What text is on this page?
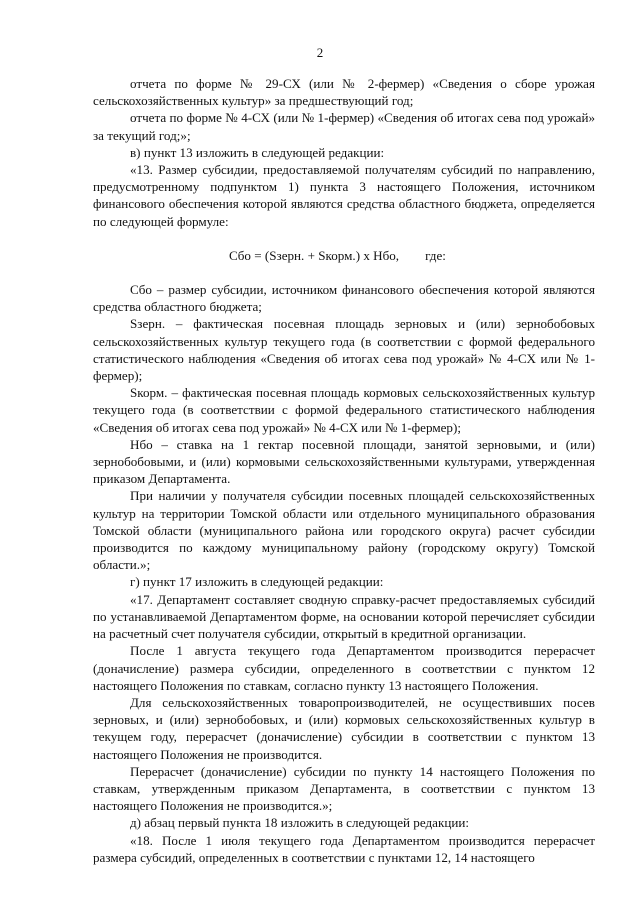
2

отчета по форме № 29-СХ (или № 2-фермер) «Сведения о сборе урожая сельскохозяйственных культур» за предшествующий год;

отчета по форме № 4-СХ (или № 1-фермер) «Сведения об итогах сева под урожай» за текущий год;»;

в) пункт 13 изложить в следующей редакции:

«13. Размер субсидии, предоставляемой получателям субсидий по направлению, предусмотренному подпунктом 1) пункта 3 настоящего Положения, источником финансового обеспечения которой являются средства областного бюджета, определяется по следующей формуле:

Cбо = (Sзерн. + Sкорм.) х Нбо, где:

Cбо – размер субсидии, источником финансового обеспечения которой являются средства областного бюджета;

Sзерн. – фактическая посевная площадь зерновых и (или) зернобобовых сельскохозяйственных культур текущего года (в соответствии с формой федерального статистического наблюдения «Сведения об итогах сева под урожай» № 4-СХ или № 1-фермер);

Sкорм. – фактическая посевная площадь кормовых сельскохозяйственных культур текущего года (в соответствии с формой федерального статистического наблюдения «Сведения об итогах сева под урожай» № 4-СХ или № 1-фермер);

Нбо – ставка на 1 гектар посевной площади, занятой зерновыми, и (или) зернобобовыми, и (или) кормовыми сельскохозяйственными культурами, утвержденная приказом Департамента.

При наличии у получателя субсидии посевных площадей сельскохозяйственных культур на территории Томской области или отдельного муниципального образования Томской области (муниципального района или городского округа) расчет субсидии производится по каждому муниципальному району (городскому округу) Томской области.»;

г) пункт 17 изложить в следующей редакции:

«17. Департамент составляет сводную справку-расчет предоставляемых субсидий по устанавливаемой Департаментом форме, на основании которой перечисляет субсидии на расчетный счет получателя субсидии, открытый в кредитной организации.

После 1 августа текущего года Департаментом производится перерасчет (доначисление) размера субсидии, определенного в соответствии с пунктом 12 настоящего Положения по ставкам, согласно пункту 13 настоящего Положения.

Для сельскохозяйственных товаропроизводителей, не осуществивших посев зерновых, и (или) зернобобовых, и (или) кормовых сельскохозяйственных культур в текущем году, перерасчет (доначисление) субсидии в соответствии с пунктом 13 настоящего Положения не производится.

Перерасчет (доначисление) субсидии по пункту 14 настоящего Положения по ставкам, утвержденным приказом Департамента, в соответствии с пунктом 13 настоящего Положения не производится.»;

д) абзац первый пункта 18 изложить в следующей редакции:

«18. После 1 июля текущего года Департаментом производится перерасчет размера субсидий, определенных в соответствии с пунктами 12, 14 настоящего
